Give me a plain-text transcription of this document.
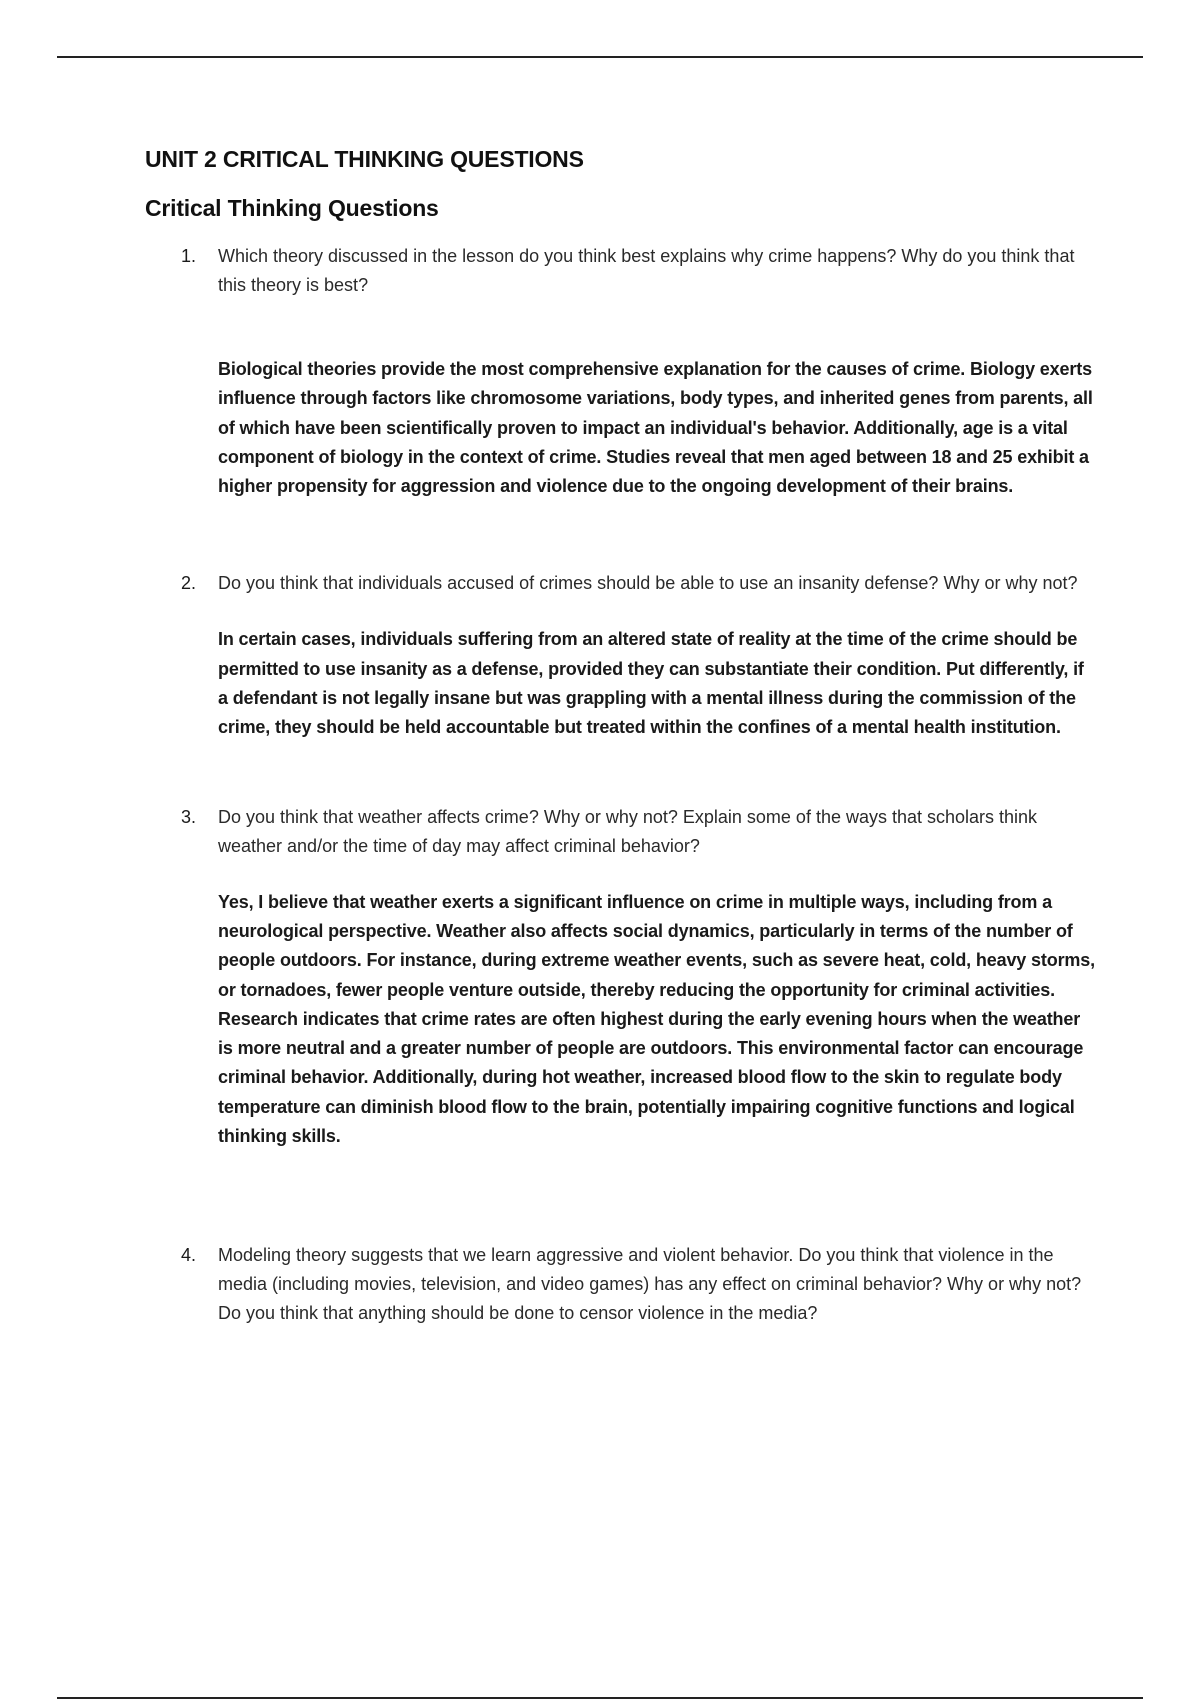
UNIT 2 CRITICAL THINKING QUESTIONS
Critical Thinking Questions
1. Which theory discussed in the lesson do you think best explains why crime happens? Why do you think that this theory is best?

Biological theories provide the most comprehensive explanation for the causes of crime. Biology exerts influence through factors like chromosome variations, body types, and inherited genes from parents, all of which have been scientifically proven to impact an individual's behavior. Additionally, age is a vital component of biology in the context of crime. Studies reveal that men aged between 18 and 25 exhibit a higher propensity for aggression and violence due to the ongoing development of their brains.

2. Do you think that individuals accused of crimes should be able to use an insanity defense? Why or why not?

In certain cases, individuals suffering from an altered state of reality at the time of the crime should be permitted to use insanity as a defense, provided they can substantiate their condition. Put differently, if a defendant is not legally insane but was grappling with a mental illness during the commission of the crime, they should be held accountable but treated within the confines of a mental health institution.

3. Do you think that weather affects crime? Why or why not? Explain some of the ways that scholars think weather and/or the time of day may affect criminal behavior?

Yes, I believe that weather exerts a significant influence on crime in multiple ways, including from a neurological perspective. Weather also affects social dynamics, particularly in terms of the number of people outdoors. For instance, during extreme weather events, such as severe heat, cold, heavy storms, or tornadoes, fewer people venture outside, thereby reducing the opportunity for criminal activities. Research indicates that crime rates are often highest during the early evening hours when the weather is more neutral and a greater number of people are outdoors. This environmental factor can encourage criminal behavior. Additionally, during hot weather, increased blood flow to the skin to regulate body temperature can diminish blood flow to the brain, potentially impairing cognitive functions and logical thinking skills.

4. Modeling theory suggests that we learn aggressive and violent behavior. Do you think that violence in the media (including movies, television, and video games) has any effect on criminal behavior? Why or why not? Do you think that anything should be done to censor violence in the media?
